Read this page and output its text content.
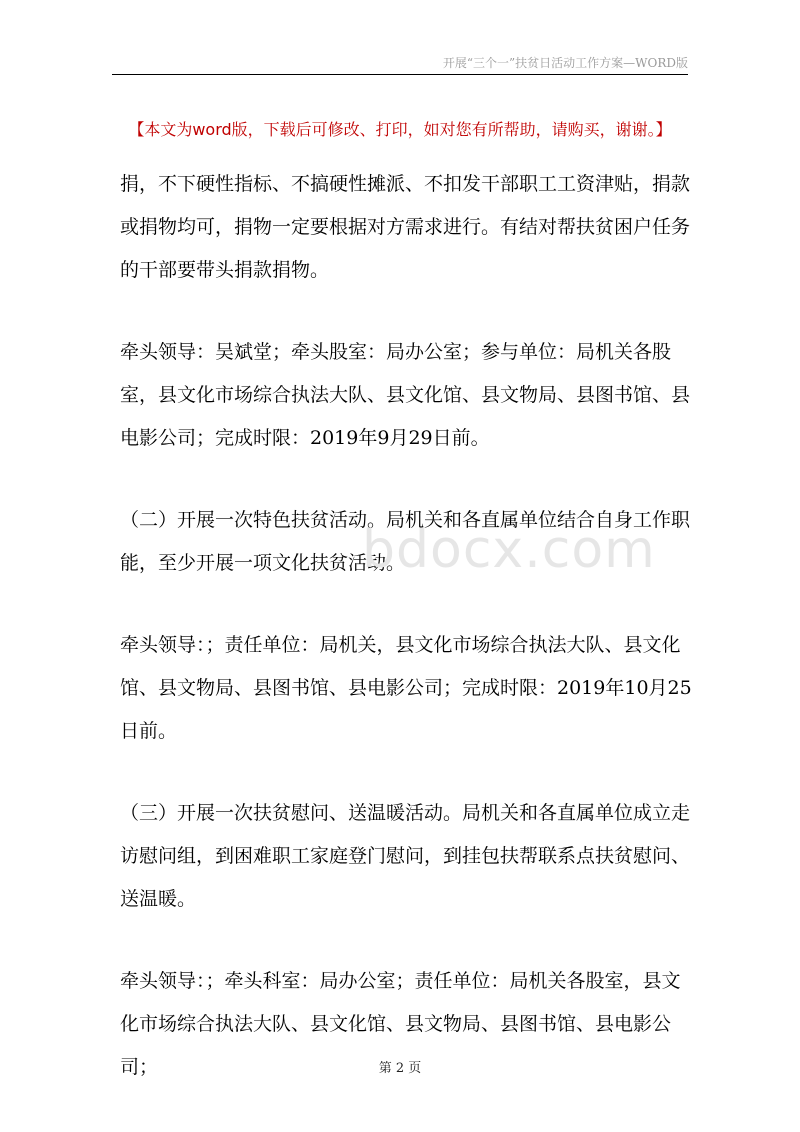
开展“三个一”扶贫日活动工作方案—WORD版
【本文为word版，下载后可修改、打印，如对您有所帮助，请购买，谢谢。】
捐，不下硬性指标、不搞硬性摊派、不扣发干部职工工资津贴，捐款或捐物均可，捐物一定要根据对方需求进行。有结对帮扶贫困户任务的干部要带头捐款捐物。
牵头领导：吴斌堂；牵头股室：局办公室；参与单位：局机关各股室，县文化市场综合执法大队、县文化馆、县文物局、县图书馆、县电影公司；完成时限：2019年9月29日前。
（二）开展一次特色扶贫活动。局机关和各直属单位结合自身工作职能，至少开展一项文化扶贫活动。
牵头领导：；责任单位：局机关，县文化市场综合执法大队、县文化馆、县文物局、县图书馆、县电影公司；完成时限：2019年10月25日前。
（三）开展一次扶贫慰问、送温暖活动。局机关和各直属单位成立走访慰问组，到困难职工家庭登门慰问，到挂包扶帮联系点扶贫慰问、送温暖。
牵头领导：；牵头科室：局办公室；责任单位：局机关各股室，县文化市场综合执法大队、县文化馆、县文物局、县图书馆、县电影公司；
bdocx.com
第 2 页
